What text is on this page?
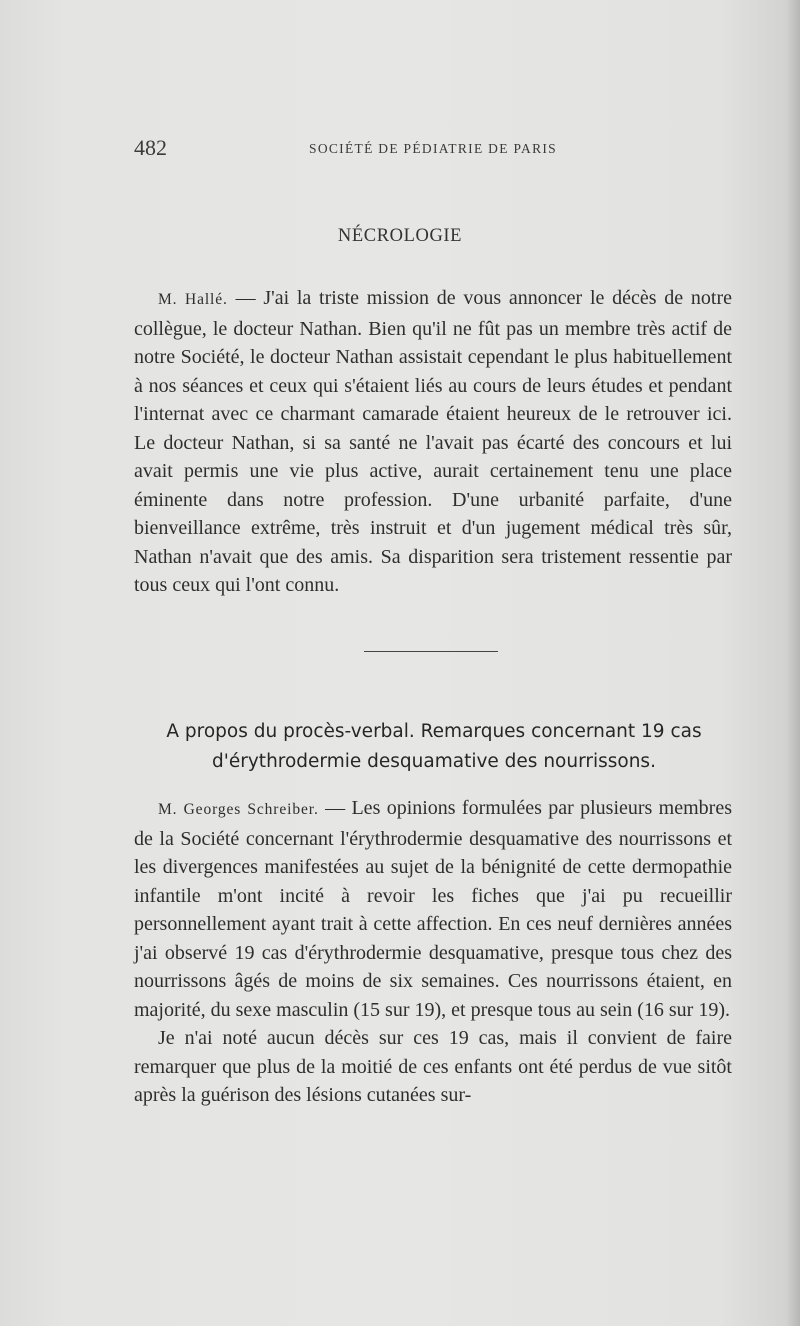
482	SOCIÉTÉ DE PÉDIATRIE DE PARIS
NÉCROLOGIE

M. Hallé. — J'ai la triste mission de vous annoncer le décès de notre collègue, le docteur Nathan. Bien qu'il ne fût pas un membre très actif de notre Société, le docteur Nathan assistait cependant le plus habituellement à nos séances et ceux qui s'étaient liés au cours de leurs études et pendant l'internat avec ce charmant camarade étaient heureux de le retrouver ici. Le docteur Nathan, si sa santé ne l'avait pas écarté des concours et lui avait permis une vie plus active, aurait certainement tenu une place éminente dans notre profession. D'une urbanité parfaite, d'une bienveillance extrême, très instruit et d'un jugement médical très sûr, Nathan n'avait que des amis. Sa disparition sera tristement ressentie par tous ceux qui l'ont connu.

A propos du procès-verbal. Remarques concernant 19 cas

d'érythrodermie desquamative des nourrissons.

M. Georges Schreiber. — Les opinions formulées par plusieurs membres de la Société concernant l'érythrodermie desquamative des nourrissons et les divergences manifestées au sujet de la bénignité de cette dermopathie infantile m'ont incité à revoir les fiches que j'ai pu recueillir personnellement ayant trait à cette affection. En ces neuf dernières années j'ai observé 19 cas d'érythrodermie desquamative, presque tous chez des nourrissons âgés de moins de six semaines. Ces nourrissons étaient, en majorité, du sexe masculin (15 sur 19), et presque tous au sein (16 sur 19).

Je n'ai noté aucun décès sur ces 19 cas, mais il convient de faire remarquer que plus de la moitié de ces enfants ont été perdus de vue sitôt après la guérison des lésions cutanées sur-
